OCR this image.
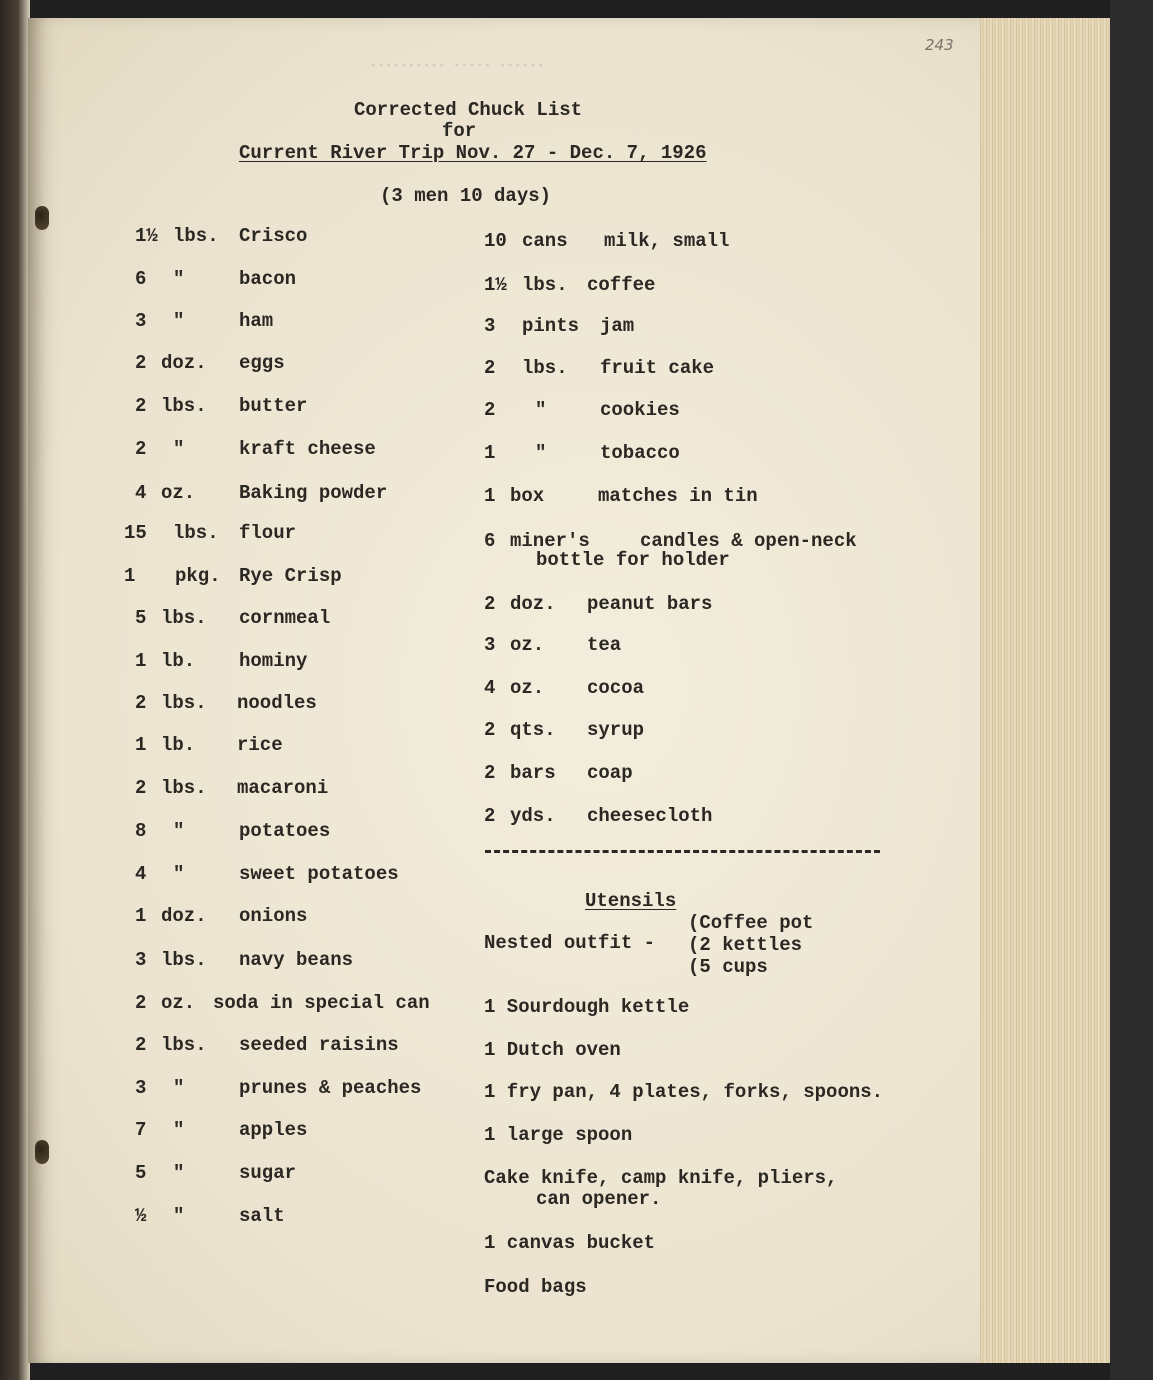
243
---------- ----- ------
Corrected Chuck List
for
Current River Trip Nov. 27 - Dec. 7, 1926
(3 men 10 days)
1½ lbs. Crisco
6 "	bacon
3 "	ham
2 doz. eggs
2 lbs. butter
2 "	kraft cheese
4 oz. Baking powder
15 lbs. flour
1 pkg. Rye Crisp
5 lbs. cornmeal
1 lb. hominy
2 lbs. noodles
1 lb. rice
2 lbs. macaroni
8 "	potatoes
4 "	sweet potatoes
1 doz. onions
3 lbs. navy beans
2 oz. soda in special can
2 lbs. seeded raisins
3 "	prunes & peaches
7 "	apples
5 "	sugar
½ "	salt
10 cans milk, small
1½ lbs. coffee
3 pints jam
2 lbs. fruit cake
2 "	cookies
1 "	tobacco
1 box	matches in tin
6 miner's	candles & open-neck
bottle for holder
2 doz. peanut bars
3 oz. tea
4 oz. cocoa
2 qts. syrup
2 bars coap
2 yds. cheesecloth
Utensils
Nested outfit -
(Coffee pot
(2 kettles
(5 cups
1 Sourdough kettle
1 Dutch oven
1 fry pan, 4 plates, forks, spoons.
1 large spoon
Cake knife, camp knife, pliers,
can opener.
1 canvas bucket
Food bags
